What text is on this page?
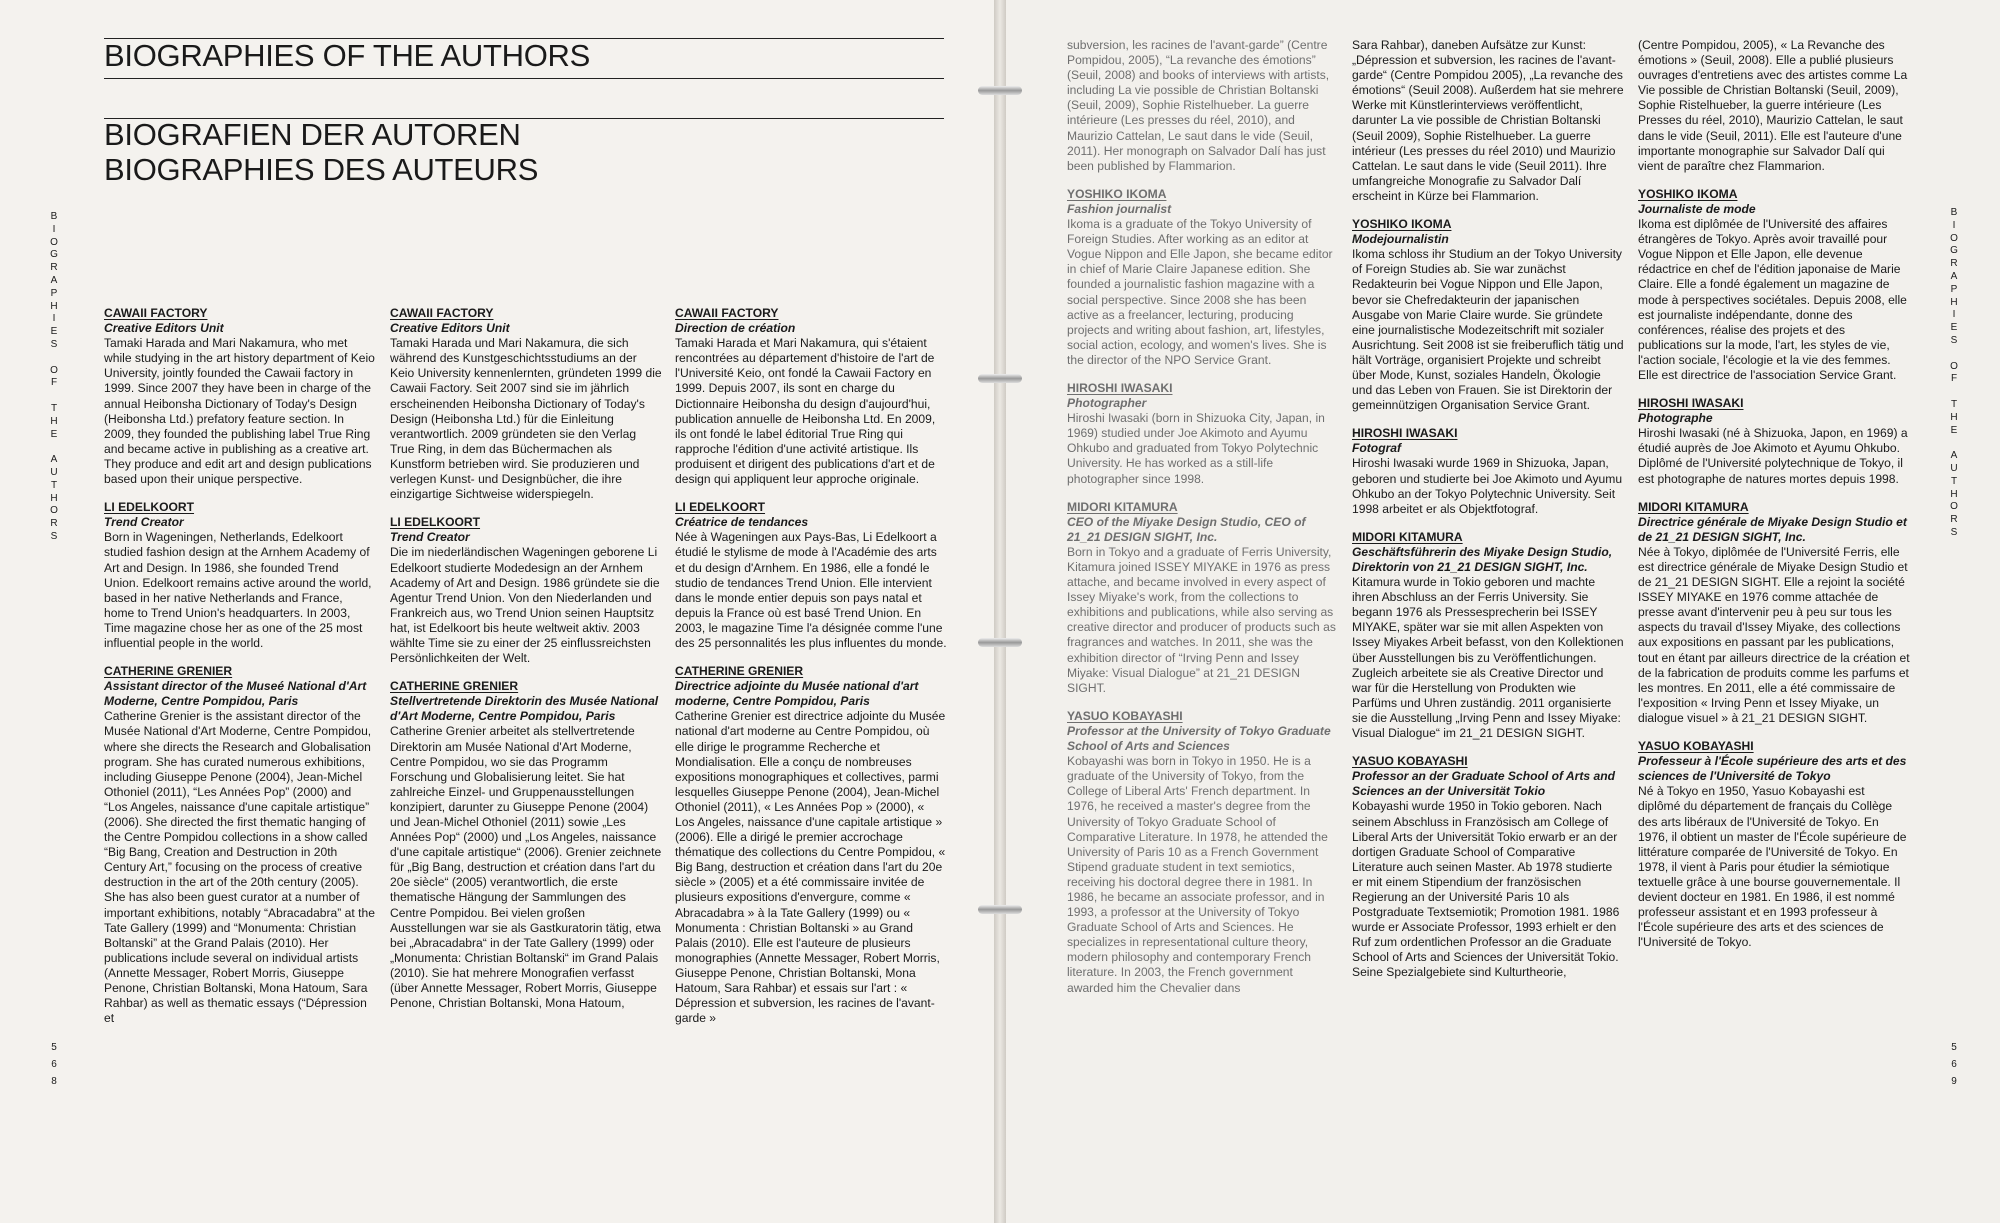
BIOGRAPHIES OF THE AUTHORS
BIOGRAFIEN DER AUTOREN
BIOGRAPHIES DES AUTEURS
B
I
O
G
R
A
P
H
I
E
S

O
F

T
H
E

A
U
T
H
O
R
S
5
6
8
CAWAII FACTORY
Creative Editors Unit
Tamaki Harada and Mari Nakamura, who met while studying in the art history department of Keio University, jointly founded the Cawaii factory in 1999. Since 2007 they have been in charge of the annual Heibonsha Dictionary of Today's Design (Heibonsha Ltd.) prefatory feature section. In 2009, they founded the publishing label True Ring and became active in publishing as a creative art. They produce and edit art and design publications based upon their unique perspective.
LI EDELKOORT
Trend Creator
Born in Wageningen, Netherlands, Edelkoort studied fashion design at the Arnhem Academy of Art and Design. In 1986, she founded Trend Union. Edelkoort remains active around the world, based in her native Netherlands and France, home to Trend Union's headquarters. In 2003, Time magazine chose her as one of the 25 most influential people in the world.
CATHERINE GRENIER
Assistant director of the Museé National d'Art Moderne, Centre Pompidou, Paris
Catherine Grenier is the assistant director of the Musée National d'Art Moderne, Centre Pompidou, where she directs the Research and Globalisation program. She has curated numerous exhibitions, including Giuseppe Penone (2004), Jean-Michel Othoniel (2011), “Les Années Pop” (2000) and “Los Angeles, naissance d'une capitale artistique” (2006). She directed the first thematic hanging of the Centre Pompidou collections in a show called “Big Bang, Creation and Destruction in 20th Century Art,” focusing on the process of creative destruction in the art of the 20th century (2005). She has also been guest curator at a number of important exhibitions, notably “Abracadabra” at the Tate Gallery (1999) and “Monumenta: Christian Boltanski” at the Grand Palais (2010). Her publications include several on individual artists (Annette Messager, Robert Morris, Giuseppe Penone, Christian Boltanski, Mona Hatoum, Sara Rahbar) as well as thematic essays (“Dépression et
CAWAII FACTORY
Creative Editors Unit
Tamaki Harada und Mari Nakamura, die sich während des Kunstgeschichtsstudiums an der Keio University kennenlernten, gründeten 1999 die Cawaii Factory. Seit 2007 sind sie im jährlich erscheinenden Heibonsha Dictionary of Today's Design (Heibonsha Ltd.) für die Einleitung verantwortlich. 2009 gründeten sie den Verlag True Ring, in dem das Büchermachen als Kunstform betrieben wird. Sie produzieren und verlegen Kunst- und Designbücher, die ihre einzigartige Sichtweise widerspiegeln.
LI EDELKOORT
Trend Creator
Die im niederländischen Wageningen geborene Li Edelkoort studierte Modedesign an der Arnhem Academy of Art and Design. 1986 gründete sie die Agentur Trend Union. Von den Niederlanden und Frankreich aus, wo Trend Union seinen Hauptsitz hat, ist Edelkoort bis heute weltweit aktiv. 2003 wählte Time sie zu einer der 25 einflussreichsten Persönlichkeiten der Welt.
CATHERINE GRENIER
Stellvertretende Direktorin des Musée National d'Art Moderne, Centre Pompidou, Paris
Catherine Grenier arbeitet als stellvertretende Direktorin am Musée National d'Art Moderne, Centre Pompidou, wo sie das Programm Forschung und Globalisierung leitet. Sie hat zahlreiche Einzel- und Gruppenausstellungen konzipiert, darunter zu Giuseppe Penone (2004) und Jean-Michel Othoniel (2011) sowie „Les Années Pop“ (2000) und „Los Angeles, naissance d'une capitale artistique“ (2006). Grenier zeichnete für „Big Bang, destruction et création dans l'art du 20e siècle“ (2005) verantwortlich, die erste thematische Hängung der Sammlungen des Centre Pompidou. Bei vielen großen Ausstellungen war sie als Gastkuratorin tätig, etwa bei „Abracadabra“ in der Tate Gallery (1999) oder „Monumenta: Christian Boltanski“ im Grand Palais (2010). Sie hat mehrere Monografien verfasst (über Annette Messager, Robert Morris, Giuseppe Penone, Christian Boltanski, Mona Hatoum,
CAWAII FACTORY
Direction de création
Tamaki Harada et Mari Nakamura, qui s'étaient rencontrées au département d'histoire de l'art de l'Université Keio, ont fondé la Cawaii Factory en 1999. Depuis 2007, ils sont en charge du Dictionnaire Heibonsha du design d'aujourd'hui, publication annuelle de Heibonsha Ltd. En 2009, ils ont fondé le label éditorial True Ring qui rapproche l'édition d'une activité artistique. Ils produisent et dirigent des publications d'art et de design qui appliquent leur approche originale.
LI EDELKOORT
Créatrice de tendances
Née à Wageningen aux Pays-Bas, Li Edelkoort a étudié le stylisme de mode à l'Académie des arts et du design d'Arnhem. En 1986, elle a fondé le studio de tendances Trend Union. Elle intervient dans le monde entier depuis son pays natal et depuis la France où est basé Trend Union. En 2003, le magazine Time l'a désignée comme l'une des 25 personnalités les plus influentes du monde.
CATHERINE GRENIER
Directrice adjointe du Musée national d'art moderne, Centre Pompidou, Paris
Catherine Grenier est directrice adjointe du Musée national d'art moderne au Centre Pompidou, où elle dirige le programme Recherche et Mondialisation. Elle a conçu de nombreuses expositions monographiques et collectives, parmi lesquelles Giuseppe Penone (2004), Jean-Michel Othoniel (2011), « Les Années Pop » (2000), « Los Angeles, naissance d'une capitale artistique » (2006). Elle a dirigé le premier accrochage thématique des collections du Centre Pompidou, « Big Bang, destruction et création dans l'art du 20e siècle » (2005) et a été commissaire invitée de plusieurs expositions d'envergure, comme « Abracadabra » à la Tate Gallery (1999) ou « Monumenta : Christian Boltanski » au Grand Palais (2010). Elle est l'auteure de plusieurs monographies (Annette Messager, Robert Morris, Giuseppe Penone, Christian Boltanski, Mona Hatoum, Sara Rahbar) et essais sur l'art : « Dépression et subversion, les racines de l'avant-garde »
B
I
O
G
R
A
P
H
I
E
S

O
F

T
H
E

A
U
T
H
O
R
S
5
6
9
subversion, les racines de l'avant-garde” (Centre Pompidou, 2005), “La revanche des émotions” (Seuil, 2008) and books of interviews with artists, including La vie possible de Christian Boltanski (Seuil, 2009), Sophie Ristelhueber. La guerre intérieure (Les presses du réel, 2010), and Maurizio Cattelan, Le saut dans le vide (Seuil, 2011). Her monograph on Salvador Dalí has just been published by Flammarion.
YOSHIKO IKOMA
Fashion journalist
Ikoma is a graduate of the Tokyo University of Foreign Studies. After working as an editor at Vogue Nippon and Elle Japon, she became editor in chief of Marie Claire Japanese edition. She founded a journalistic fashion magazine with a social perspective. Since 2008 she has been active as a freelancer, lecturing, producing projects and writing about fashion, art, lifestyles, social action, ecology, and women's lives. She is the director of the NPO Service Grant.
HIROSHI IWASAKI
Photographer
Hiroshi Iwasaki (born in Shizuoka City, Japan, in 1969) studied under Joe Akimoto and Ayumu Ohkubo and graduated from Tokyo Polytechnic University. He has worked as a still-life photographer since 1998.
MIDORI KITAMURA
CEO of the Miyake Design Studio, CEO of 21_21 DESIGN SIGHT, Inc.
Born in Tokyo and a graduate of Ferris University, Kitamura joined ISSEY MIYAKE in 1976 as press attache, and became involved in every aspect of Issey Miyake's work, from the collections to exhibitions and publications, while also serving as creative director and producer of products such as fragrances and watches. In 2011, she was the exhibition director of “Irving Penn and Issey Miyake: Visual Dialogue” at 21_21 DESIGN SIGHT.
YASUO KOBAYASHI
Professor at the University of Tokyo Graduate School of Arts and Sciences
Kobayashi was born in Tokyo in 1950. He is a graduate of the University of Tokyo, from the College of Liberal Arts' French department. In 1976, he received a master's degree from the University of Tokyo Graduate School of Comparative Literature. In 1978, he attended the University of Paris 10 as a French Government Stipend graduate student in text semiotics, receiving his doctoral degree there in 1981. In 1986, he became an associate professor, and in 1993, a professor at the University of Tokyo Graduate School of Arts and Sciences. He specializes in representational culture theory, modern philosophy and contemporary French literature. In 2003, the French government awarded him the Chevalier dans
Sara Rahbar), daneben Aufsätze zur Kunst: „Dépression et subversion, les racines de l'avant-garde“ (Centre Pompidou 2005), „La revanche des émotions“ (Seuil 2008). Außerdem hat sie mehrere Werke mit Künstlerinterviews veröffentlicht, darunter La vie possible de Christian Boltanski (Seuil 2009), Sophie Ristelhueber. La guerre intérieur (Les presses du réel 2010) und Maurizio Cattelan. Le saut dans le vide (Seuil 2011). Ihre umfangreiche Monografie zu Salvador Dalí erscheint in Kürze bei Flammarion.
YOSHIKO IKOMA
Modejournalistin
Ikoma schloss ihr Studium an der Tokyo University of Foreign Studies ab. Sie war zunächst Redakteurin bei Vogue Nippon und Elle Japon, bevor sie Chefredakteurin der japanischen Ausgabe von Marie Claire wurde. Sie gründete eine journalistische Modezeitschrift mit sozialer Ausrichtung. Seit 2008 ist sie freiberuflich tätig und hält Vorträge, organisiert Projekte und schreibt über Mode, Kunst, soziales Handeln, Ökologie und das Leben von Frauen. Sie ist Direktorin der gemeinnützigen Organisation Service Grant.
HIROSHI IWASAKI
Fotograf
Hiroshi Iwasaki wurde 1969 in Shizuoka, Japan, geboren und studierte bei Joe Akimoto und Ayumu Ohkubo an der Tokyo Polytechnic University. Seit 1998 arbeitet er als Objektfotograf.
MIDORI KITAMURA
Geschäftsführerin des Miyake Design Studio, Direktorin von 21_21 DESIGN SIGHT, Inc.
Kitamura wurde in Tokio geboren und machte ihren Abschluss an der Ferris University. Sie begann 1976 als Pressesprecherin bei ISSEY MIYAKE, später war sie mit allen Aspekten von Issey Miyakes Arbeit befasst, von den Kollektionen über Ausstellungen bis zu Veröffentlichungen. Zugleich arbeitete sie als Creative Director und war für die Herstellung von Produkten wie Parfüms und Uhren zuständig. 2011 organisierte sie die Ausstellung „Irving Penn and Issey Miyake: Visual Dialogue“ im 21_21 DESIGN SIGHT.
YASUO KOBAYASHI
Professor an der Graduate School of Arts and Sciences an der Universität Tokio
Kobayashi wurde 1950 in Tokio geboren. Nach seinem Abschluss in Französisch am College of Liberal Arts der Universität Tokio erwarb er an der dortigen Graduate School of Comparative Literature auch seinen Master. Ab 1978 studierte er mit einem Stipendium der französischen Regierung an der Université Paris 10 als Postgraduate Textsemiotik; Promotion 1981. 1986 wurde er Associate Professor, 1993 erhielt er den Ruf zum ordentlichen Professor an die Graduate School of Arts and Sciences der Universität Tokio. Seine Spezialgebiete sind Kulturtheorie,
(Centre Pompidou, 2005), « La Revanche des émotions » (Seuil, 2008). Elle a publié plusieurs ouvrages d'entretiens avec des artistes comme La Vie possible de Christian Boltanski (Seuil, 2009), Sophie Ristelhueber, la guerre intérieure (Les Presses du réel, 2010), Maurizio Cattelan, le saut dans le vide (Seuil, 2011). Elle est l'auteure d'une importante monographie sur Salvador Dalí qui vient de paraître chez Flammarion.
YOSHIKO IKOMA
Journaliste de mode
Ikoma est diplômée de l'Université des affaires étrangères de Tokyo. Après avoir travaillé pour Vogue Nippon et Elle Japon, elle devenue rédactrice en chef de l'édition japonaise de Marie Claire. Elle a fondé également un magazine de mode à perspectives sociétales. Depuis 2008, elle est journaliste indépendante, donne des conférences, réalise des projets et des publications sur la mode, l'art, les styles de vie, l'action sociale, l'écologie et la vie des femmes. Elle est directrice de l'association Service Grant.
HIROSHI IWASAKI
Photographe
Hiroshi Iwasaki (né à Shizuoka, Japon, en 1969) a étudié auprès de Joe Akimoto et Ayumu Ohkubo. Diplômé de l'Université polytechnique de Tokyo, il est photographe de natures mortes depuis 1998.
MIDORI KITAMURA
Directrice générale de Miyake Design Studio et de 21_21 DESIGN SIGHT, Inc.
Née à Tokyo, diplômée de l'Université Ferris, elle est directrice générale de Miyake Design Studio et de 21_21 DESIGN SIGHT. Elle a rejoint la société ISSEY MIYAKE en 1976 comme attachée de presse avant d'intervenir peu à peu sur tous les aspects du travail d'Issey Miyake, des collections aux expositions en passant par les publications, tout en étant par ailleurs directrice de la création et de la fabrication de produits comme les parfums et les montres. En 2011, elle a été commissaire de l'exposition « Irving Penn et Issey Miyake, un dialogue visuel » à 21_21 DESIGN SIGHT.
YASUO KOBAYASHI
Professeur à l'École supérieure des arts et des sciences de l'Université de Tokyo
Né à Tokyo en 1950, Yasuo Kobayashi est diplômé du département de français du Collège des arts libéraux de l'Université de Tokyo. En 1976, il obtient un master de l'École supérieure de littérature comparée de l'Université de Tokyo. En 1978, il vient à Paris pour étudier la sémiotique textuelle grâce à une bourse gouvernementale. Il devient docteur en 1981. En 1986, il est nommé professeur assistant et en 1993 professeur à l'École supérieure des arts et des sciences de l'Université de Tokyo.
